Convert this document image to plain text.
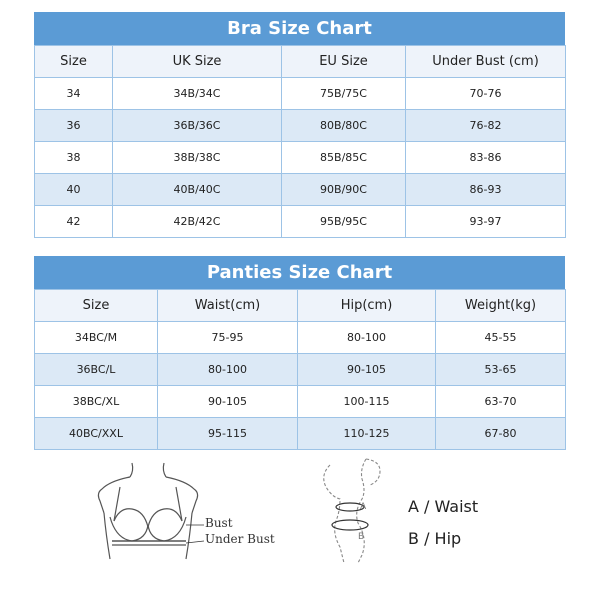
Bra Size Chart
Size	UK Size	EU Size	Under Bust (cm)
34	34B/34C	75B/75C	70-76
36	36B/36C	80B/80C	76-82
38	38B/38C	85B/85C	83-86
40	40B/40C	90B/90C	86-93
42	42B/42C	95B/95C	93-97
Panties Size Chart
Size	Waist(cm)	Hip(cm)	Weight(kg)
34BC/M	75-95	80-100	45-55
36BC/L	80-100	90-105	53-65
38BC/XL	90-105	100-115	63-70
40BC/XXL	95-115	110-125	67-80
Bust
Under Bust
A
B
A / Waist
B / Hip
